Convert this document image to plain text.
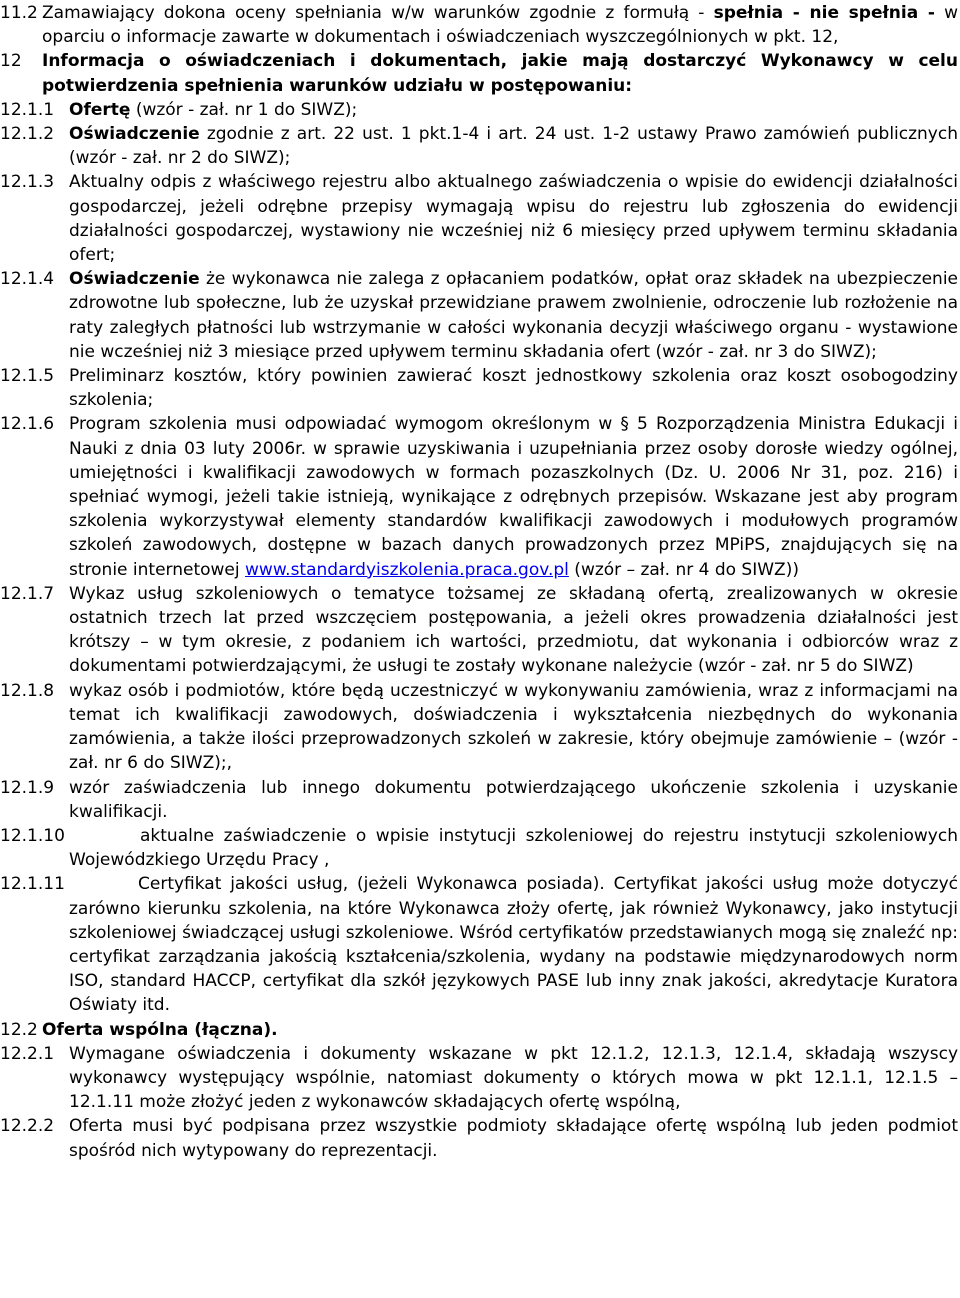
11.2 Zamawiający dokona oceny spełniania w/w warunków zgodnie z formułą - spełnia - nie spełnia - w oparciu o informacje zawarte w dokumentach i oświadczeniach wyszczególnionych w pkt. 12,
12 Informacja o oświadczeniach i dokumentach, jakie mają dostarczyć Wykonawcy w celu potwierdzenia spełnienia warunków udziału w postępowaniu:
12.1.1 Ofertę (wzór - zał. nr 1 do SIWZ);
12.1.2 Oświadczenie zgodnie z art. 22 ust. 1 pkt.1-4 i art. 24 ust. 1-2 ustawy Prawo zamówień publicznych (wzór - zał. nr 2 do SIWZ);
12.1.3 Aktualny odpis z właściwego rejestru albo aktualnego zaświadczenia o wpisie do ewidencji działalności gospodarczej, jeżeli odrębne przepisy wymagają wpisu do rejestru lub zgłoszenia do ewidencji działalności gospodarczej, wystawiony nie wcześniej niż 6 miesięcy przed upływem terminu składania ofert;
12.1.4 Oświadczenie że wykonawca nie zalega z opłacaniem podatków, opłat oraz składek na ubezpieczenie zdrowotne lub społeczne, lub że uzyskał przewidziane prawem zwolnienie, odroczenie lub rozłożenie na raty zaległych płatności lub wstrzymanie w całości wykonania decyzji właściwego organu - wystawione nie wcześniej niż 3 miesiące przed upływem terminu składania ofert (wzór - zał. nr 3 do SIWZ);
12.1.5 Preliminarz kosztów, który powinien zawierać koszt jednostkowy szkolenia oraz koszt osobogodziny szkolenia;
12.1.6 Program szkolenia musi odpowiadać wymogom określonym w § 5 Rozporządzenia Ministra Edukacji i Nauki z dnia 03 luty 2006r. w sprawie uzyskiwania i uzupełniania przez osoby dorosłe wiedzy ogólnej, umiejętności i kwalifikacji zawodowych w formach pozaszkolnych (Dz. U. 2006 Nr 31, poz. 216) i spełniać wymogi, jeżeli takie istnieją, wynikające z odrębnych przepisów. Wskazane jest aby program szkolenia wykorzystywał elementy standardów kwalifikacji zawodowych i modułowych programów szkoleń zawodowych, dostępne w bazach danych prowadzonych przez MPiPS, znajdujących się na stronie internetowej www.standardyiszkolenia.praca.gov.pl (wzór – zał. nr 4 do SIWZ))
12.1.7 Wykaz usług szkoleniowych o tematyce tożsamej ze składaną ofertą, zrealizowanych w okresie ostatnich trzech lat przed wszczęciem postępowania, a jeżeli okres prowadzenia działalności jest krótszy – w tym okresie, z podaniem ich wartości, przedmiotu, dat wykonania i odbiorców wraz z dokumentami potwierdzającymi, że usługi te zostały wykonane należycie (wzór - zał. nr 5 do SIWZ)
12.1.8 wykaz osób i podmiotów, które będą uczestniczyć w wykonywaniu zamówienia, wraz z informacjami na temat ich kwalifikacji zawodowych, doświadczenia i wykształcenia niezbędnych do wykonania zamówienia, a także ilości przeprowadzonych szkoleń w zakresie, który obejmuje zamówienie – (wzór - zał. nr 6 do SIWZ);,
12.1.9 wzór zaświadczenia lub innego dokumentu potwierdzającego ukończenie szkolenia i uzyskanie kwalifikacji.
12.1.10	aktualne zaświadczenie o wpisie instytucji szkoleniowej do rejestru instytucji szkoleniowych Wojewódzkiego Urzędu Pracy ,
12.1.11	Certyfikat jakości usług, (jeżeli Wykonawca posiada). Certyfikat jakości usług może dotyczyć zarówno kierunku szkolenia, na które Wykonawca złoży ofertę, jak również Wykonawcy, jako instytucji szkoleniowej świadczącej usługi szkoleniowe. Wśród certyfikatów przedstawianych mogą się znaleźć np: certyfikat zarządzania jakością kształcenia/szkolenia, wydany na podstawie międzynarodowych norm ISO, standard HACCP, certyfikat dla szkół językowych PASE lub inny znak jakości, akredytacje Kuratora Oświaty itd.
12.2 Oferta wspólna (łączna).
12.2.1 Wymagane oświadczenia i dokumenty wskazane w pkt 12.1.2, 12.1.3, 12.1.4, składają wszyscy wykonawcy występujący wspólnie, natomiast dokumenty o których mowa w pkt 12.1.1, 12.1.5 – 12.1.11 może złożyć jeden z wykonawców składających ofertę wspólną,
12.2.2 Oferta musi być podpisana przez wszystkie podmioty składające ofertę wspólną lub jeden podmiot spośród nich wytypowany do reprezentacji.
